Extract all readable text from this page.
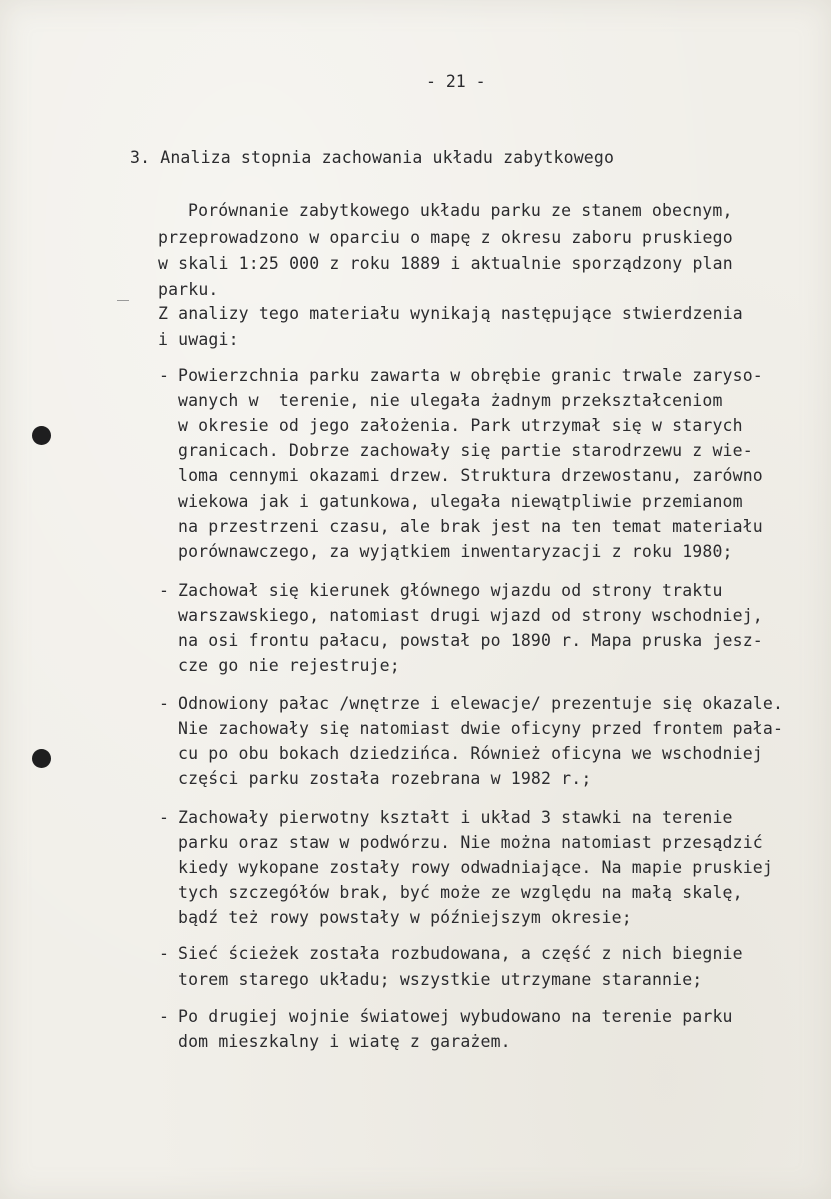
- 21 -
3. Analiza stopnia zachowania układu zabytkowego
Porównanie zabytkowego układu parku ze stanem obecnym,
przeprowadzono w oparciu o mapę z okresu zaboru pruskiego
w skali 1:25 000 z roku 1889 i aktualnie sporządzony plan
parku.
Z analizy tego materiału wynikają następujące stwierdzenia
i uwagi:
- Powierzchnia parku zawarta w obrębie granic trwale zaryso-
wanych w  terenie, nie ulegała żadnym przekształceniom
w okresie od jego założenia. Park utrzymał się w starych
granicach. Dobrze zachowały się partie starodrzewu z wie-
loma cennymi okazami drzew. Struktura drzewostanu, zarówno
wiekowa jak i gatunkowa, ulegała niewątpliwie przemianom
na przestrzeni czasu, ale brak jest na ten temat materiału
porównawczego, za wyjątkiem inwentaryzacji z roku 1980;
- Zachował się kierunek głównego wjazdu od strony traktu
warszawskiego, natomiast drugi wjazd od strony wschodniej,
na osi frontu pałacu, powstał po 1890 r. Mapa pruska jesz-
cze go nie rejestruje;
- Odnowiony pałac /wnętrze i elewacje/ prezentuje się okazale.
Nie zachowały się natomiast dwie oficyny przed frontem pała-
cu po obu bokach dziedzińca. Również oficyna we wschodniej
części parku została rozebrana w 1982 r.;
- Zachowały pierwotny kształt i układ 3 stawki na terenie
parku oraz staw w podwórzu. Nie można natomiast przesądzić
kiedy wykopane zostały rowy odwadniające. Na mapie pruskiej
tych szczegółów brak, być może ze względu na małą skalę,
bądź też rowy powstały w późniejszym okresie;
- Sieć ścieżek została rozbudowana, a część z nich biegnie
torem starego układu; wszystkie utrzymane starannie;
- Po drugiej wojnie światowej wybudowano na terenie parku
dom mieszkalny i wiatę z garażem.
